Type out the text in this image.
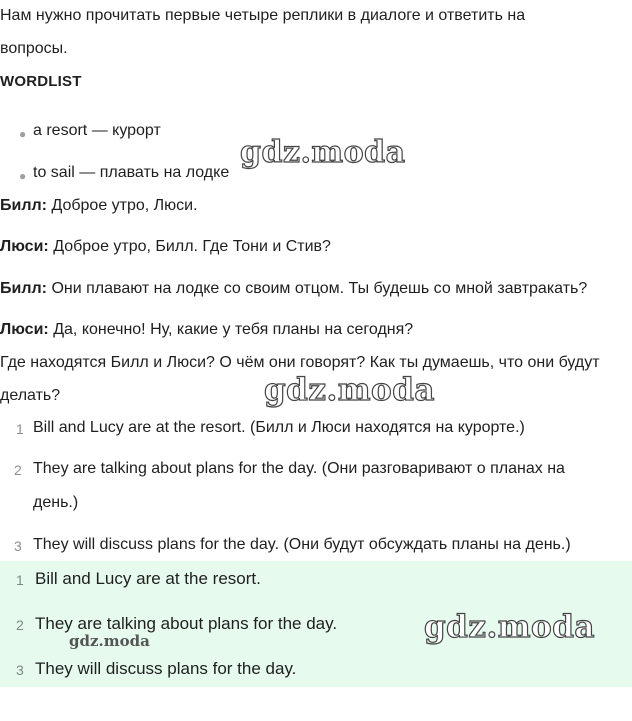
Нам нужно прочитать первые четыре реплики в диалоге и ответить на

вопросы.

WORDLIST

● a resort — курорт
● to sail — плавать на лодке

Билл: Доброе утро, Люси.

Люси: Доброе утро, Билл. Где Тони и Стив?

Билл: Они плавают на лодке со своим отцом. Ты будешь со мной завтракать?

Люси: Да, конечно! Ну, какие у тебя планы на сегодня?

Где находятся Билл и Люси? О чём они говорят? Как ты думаешь, что они будут

делать?

1 Bill and Lucy are at the resort. (Билл и Люси находятся на курорте.)
2 They are talking about plans for the day. (Они разговаривают о планах на
день.)
3 They will discuss plans for the day. (Они будут обсуждать планы на день.)
1 Bill and Lucy are at the resort.
2 They are talking about plans for the day.
3 They will discuss plans for the day.
gdz.moda
gdz.moda
gdz.moda
gdz.moda
